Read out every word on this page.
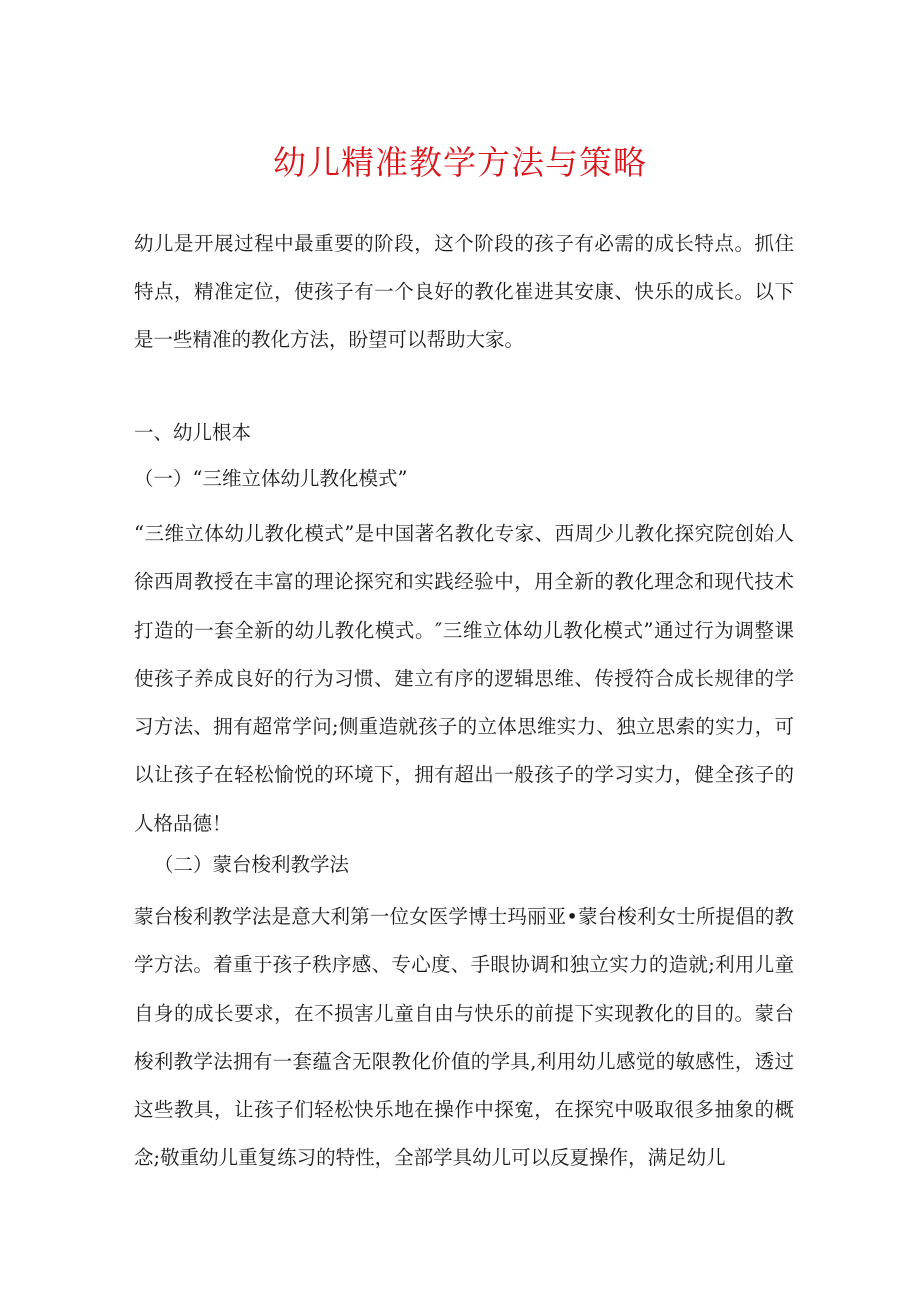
幼儿精准教学方法与策略

幼儿是开展过程中最重要的阶段，这个阶段的孩子有必需的成长特点。抓住特点，精准定位，使孩子有一个良好的教化崔进其安康、快乐的成长。以下是一些精准的教化方法，盼望可以帮助大家。

一、幼儿根本

（一）“三维立体幼儿教化模式”

“三维立体幼儿教化模式”是中国著名教化专家、西周少儿教化探究院创始人徐西周教授在丰富的理论探究和实践经验中，用全新的教化理念和现代技术打造的一套全新的幼儿教化模式。″三维立体幼儿教化模式”通过行为调整课使孩子养成良好的行为习惯、建立有序的逻辑思维、传授符合成长规律的学习方法、拥有超常学问;侧重造就孩子的立体思维实力、独立思索的实力，可以让孩子在轻松愉悦的环境下，拥有超出一般孩子的学习实力，健全孩子的人格品德！

（二）蒙台梭利教学法

蒙台梭利教学法是意大利第一位女医学博士玛丽亚•蒙台梭利女士所提倡的教学方法。着重于孩子秩序感、专心度、手眼协调和独立实力的造就;利用儿童自身的成长要求，在不损害儿童自由与快乐的前提下实现教化的目的。蒙台梭利教学法拥有一套蕴含无限教化价值的学具,利用幼儿感觉的敏感性，透过这些教具，让孩子们轻松快乐地在操作中探寃，在探究中吸取很多抽象的概念;敬重幼儿重复练习的特性，全部学具幼儿可以反夏操作，满足幼儿
